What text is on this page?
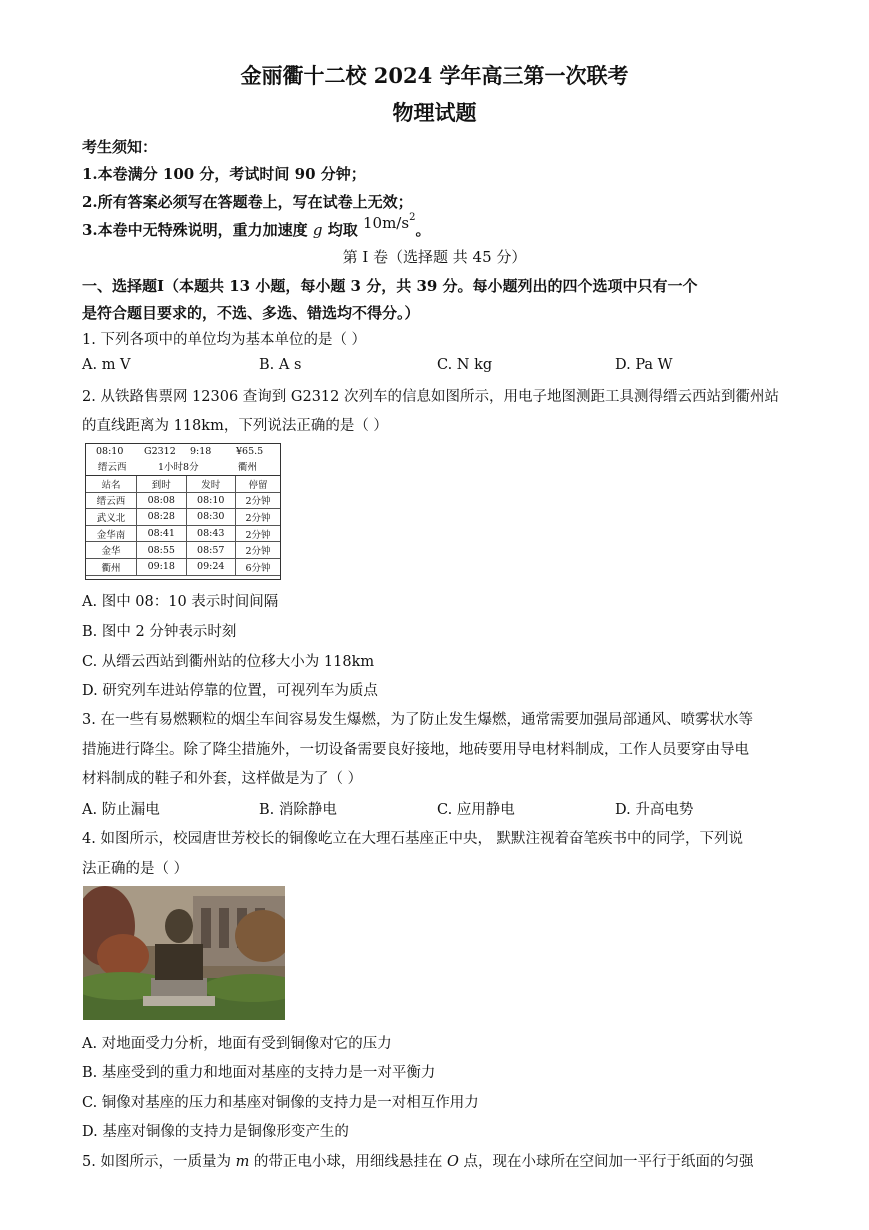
金丽衢十二校 2024 学年高三第一次联考
物理试题
考生须知：
1.本卷满分 100 分，考试时间 90 分钟；
2.所有答案必须写在答题卷上，写在试卷上无效；
3.本卷中无特殊说明，重力加速度 g 均取 $10m/s^2$。
第 Ⅰ 卷（选择题 共 45 分）
一、选择题Ⅰ（本题共 13 小题，每小题 3 分，共 39 分。每小题列出的四个选项中只有一个
是符合题目要求的，不选、多选、错选均不得分。）
1. 下列各项中的单位均为基本单位的是（ ）
A. m V	B. A s	C. N kg	D. Pa W
2. 从铁路售票网 12306 查询到 G2312 次列车的信息如图所示，用电子地图测距工具测得缙云西站到衢州站
的直线距离为 118km，下列说法正确的是（ ）
08:10 G2312 9:18	¥65.5
缙云西	1小时8分	衢州
站名	到时	发时	停留
缙云西	08:08	08:10	2分钟
武义北	08:28	08:30	2分钟
金华南	08:41	08:43	2分钟
金华	08:55	08:57	2分钟
衢州	09:18	09:24	6分钟
A. 图中 08：10 表示时间间隔
B. 图中 2 分钟表示时刻
C. 从缙云西站到衢州站的位移大小为 118km
D. 研究列车进站停靠的位置，可视列车为质点
3. 在一些有易燃颗粒的烟尘车间容易发生爆燃，为了防止发生爆燃，通常需要加强局部通风、喷雾状水等
措施进行降尘。除了降尘措施外，一切设备需要良好接地，地砖要用导电材料制成，工作人员要穿由导电
材料制成的鞋子和外套，这样做是为了（ ）
A. 防止漏电	B. 消除静电	C. 应用静电	D. 升高电势
4. 如图所示，校园唐世芳校长的铜像屹立在大理石基座正中央， 默默注视着奋笔疾书中的同学，下列说
法正确的是（ ）
A. 对地面受力分析，地面有受到铜像对它的压力
B. 基座受到的重力和地面对基座的支持力是一对平衡力
C. 铜像对基座的压力和基座对铜像的支持力是一对相互作用力
D. 基座对铜像的支持力是铜像形变产生的
5. 如图所示，一质量为 m 的带正电小球，用细线悬挂在 O 点，现在小球所在空间加一平行于纸面的匀强
